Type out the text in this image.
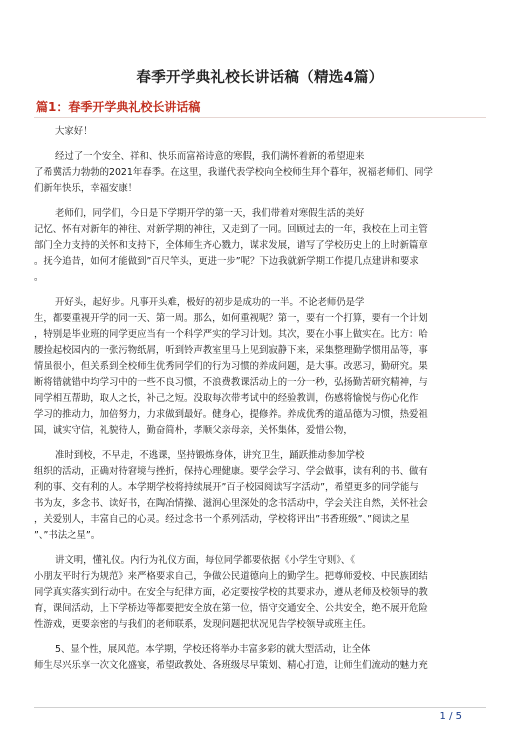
春季开学典礼校长讲话稿（精选4篇）
篇1：春季开学典礼校长讲话稿
大家好！
经过了一个安全、祥和、快乐而富裕诗意的寒假，我们满怀着新的希望迎来
了希冀活力勃勃的2021年春季。在这里，我谨代表学校向全校师生拜个暮年，祝福老师们、同学
们新年快乐，幸福安康！
老师们，同学们，今日是下学期开学的第一天，我们带着对寒假生活的美好
记忆、怀有对新年的神往、对新学期的神往，又走到了一同。回顾过去的一年，我校在上司主管
部门全力支持的关怀和支持下，全体师生齐心戮力，谋求发展，谱写了学校历史上的上时新篇章
。抚今追昔，如何才能做到”百尺竿头，更进一步”呢？下边我就新学期工作提几点建讲和要求
。
开好头，起好步。凡事开头难，极好的初步是成功的一半。不论老师仍是学
生，都要重视开学的同一天、第一周。那么，如何重视呢？第一，要有一个打算，要有一个计划
，特别是毕业班的同学更应当有一个科学严实的学习计划。其次，要在小事上做实在。比方：哈
腰捡起校园内的一张污物纸屑，听到铃声教室里马上见到寂静下来，采集整理勤学惯用品等，事
情虽很小，但关系到全校师生优秀同学们的行为习惯的养成问题，是大事。改恶习，勤研究。果
断将错就错中均学习中的一些不良习惯，不浪费教课活动上的一分一秒，弘扬勤苦研究精神，与
同学相互帮助，取人之长，补己之短。没取每次带考试中的经验教训，伤感将愉悦与伤心化作
学习的推动力，加倍努力，力求做到最好。健身心，提修养。养成优秀的道品德为习惯，热爱祖
国，诚实守信，礼貌待人，勤奋简朴，孝顺父亲母亲，关怀集体，爱惜公物，
准时到校，不早走，不逃课，坚持锻炼身体，讲究卫生，踊跃推动参加学校
组织的活动，正确对待窘境与挫折，保持心理健康。要学会学习、学会做事，读有利的书、做有
利的事、交有利的人。本学期学校将持续展开”百子校园阅读写字活动”，希望更多的同学能与
书为友，多念书、读好书，在陶冶情操、滋润心里深处的念书活动中，学会关注自然，关怀社会
，关爱别人，丰富自己的心灵。经过念书一个系列活动，学校将评出”书香班级”、”阅读之星
”、”书法之星”。
讲文明，懂礼仪。内行为礼仪方面，每位同学都要依据《小学生守则》、《
小朋友平时行为规范》来严格要求自己，争做公民道德向上的勤学生。把尊师爱校、中民族团结
同学真实落实到行动中。在安全与纪律方面，必定要按学校的其要求办，遵从老师及校领导的教
育，课间活动，上下学桥边等都要把安全放在第一位，悟守交通安全、公共安全，绝不展开危险
性游戏，更要亲密的与我们的老师联系，发现问题把状况见告学校领导或班主任。
5、显个性，展风范。本学期，学校还将举办丰富多彩的就大型活动，让全体
师生尽兴乐享一次文化盛宴，希望政教处、各班级尽早策划、精心打造，让师生们流动的魅力充
1 / 5
